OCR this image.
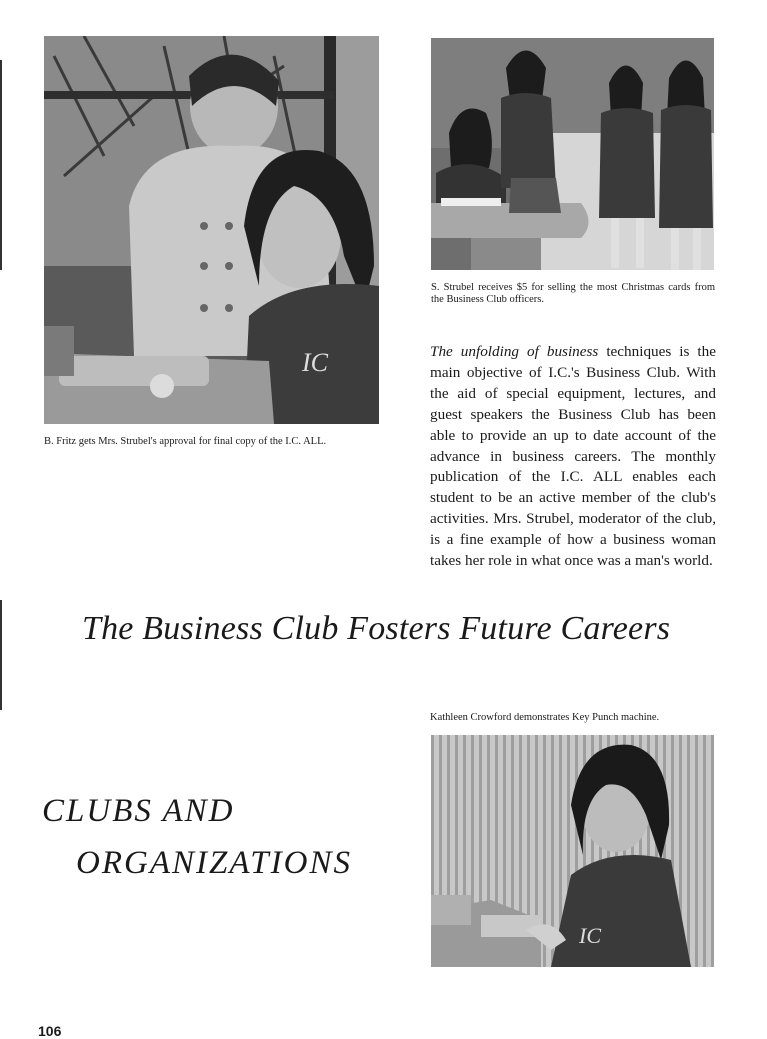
IC
B. Fritz gets Mrs. Strubel's approval for final copy of the I.C. ALL.
S. Strubel receives $5 for selling the most Christmas cards from the Business Club officers.
The unfolding of business techniques is the main objective of I.C.'s Business Club. With the aid of special equipment, lectures, and guest speakers the Business Club has been able to provide an up to date account of the advance in business careers. The monthly publication of the I.C. ALL enables each student to be an active member of the club's activities. Mrs. Strubel, moderator of the club, is a fine example of how a business woman takes her role in what once was a man's world.
The Business Club Fosters Future Careers
CLUBS AND
ORGANIZATIONS
Kathleen Crowford demonstrates Key Punch machine.
IC
106
